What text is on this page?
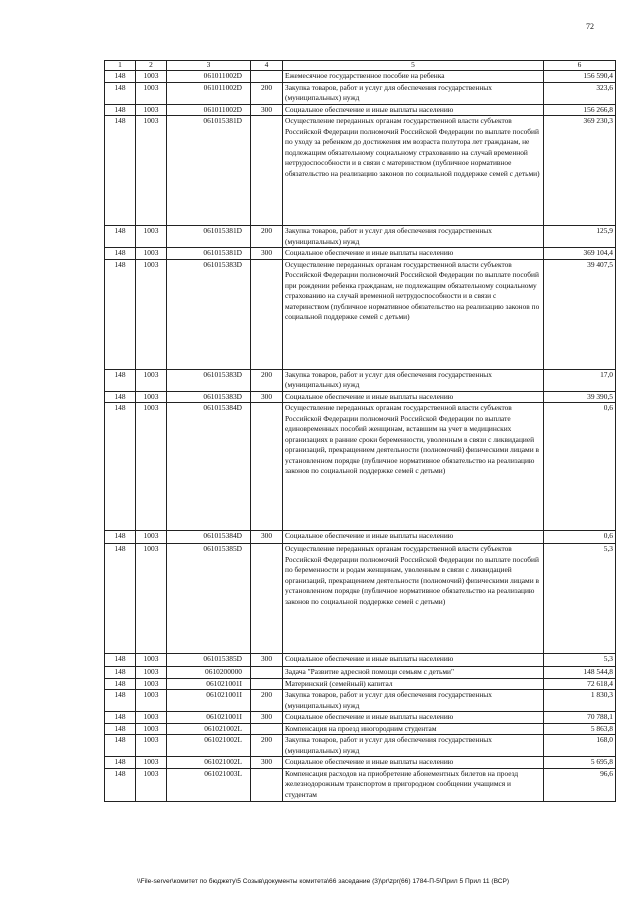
72
1	2	3	4	5	6
148	1003	061011002D		Ежемесячное государственное пособие на ребенка	156 590,4
148	1003	061011002D	200	Закупка товаров, работ и услуг для обеспечения государственных (муниципальных) нужд	323,6
148	1003	061011002D	300	Социальное обеспечение и иные выплаты населению	156 266,8
148	1003	061015381D		Осуществление переданных органам государственной власти субъектов Российской Федерации полномочий Российской Федерации по выплате пособий по уходу за ребенком до достижения им возраста полутора лет гражданам, не подлежащим обязательному социальному страхованию на случай временной нетрудоспособности и в связи с материнством (публичное нормативное обязательство на реализацию законов по социальной поддержке семей с детьми)	369 230,3
148	1003	061015381D	200	Закупка товаров, работ и услуг для обеспечения государственных (муниципальных) нужд	125,9
148	1003	061015381D	300	Социальное обеспечение и иные выплаты населению	369 104,4
148	1003	061015383D		Осуществление переданных органам государственной власти субъектов Российской Федерации полномочий Российской Федерации по выплате пособий при рождении ребенка гражданам, не подлежащим обязательному социальному страхованию на случай временной нетрудоспособности и в связи с материнством (публичное нормативное обязательство на реализацию законов по социальной поддержке семей с детьми)	39 407,5
148	1003	061015383D	200	Закупка товаров, работ и услуг для обеспечения государственных (муниципальных) нужд	17,0
148	1003	061015383D	300	Социальное обеспечение и иные выплаты населению	39 390,5
148	1003	061015384D		Осуществление переданных органам государственной власти субъектов Российской Федерации полномочий Российской Федерации по выплате единовременных пособий женщинам, вставшим на учет в медицинских организациях в ранние сроки беременности, уволенным в связи с ликвидацией организаций, прекращением деятельности (полномочий) физическими лицами в установленном порядке (публичное нормативное обязательство на реализацию законов по социальной поддержке семей с детьми)	0,6
148	1003	061015384D	300	Социальное обеспечение и иные выплаты населению	0,6
148	1003	061015385D		Осуществление переданных органам государственной власти субъектов Российской Федерации полномочий Российской Федерации по выплате пособий по беременности и родам женщинам, уволенным в связи с ликвидацией организаций, прекращением деятельности (полномочий) физическими лицами в установленном порядке (публичное нормативное обязательство на реализацию законов по социальной поддержке семей с детьми)	5,3
148	1003	061015385D	300	Социальное обеспечение и иные выплаты населению	5,3
148	1003	0610200000		Задача "Развитие адресной помощи семьям с детьми"	148 544,8
148	1003	061021001I		Материнский (семейный) капитал	72 618,4
148	1003	061021001I	200	Закупка товаров, работ и услуг для обеспечения государственных (муниципальных) нужд	1 830,3
148	1003	061021001I	300	Социальное обеспечение и иные выплаты населению	70 788,1
148	1003	061021002L		Компенсация на проезд иногородним студентам	5 863,8
148	1003	061021002L	200	Закупка товаров, работ и услуг для обеспечения государственных (муниципальных) нужд	168,0
148	1003	061021002L	300	Социальное обеспечение и иные выплаты населению	5 695,8
148	1003	061021003L		Компенсация расходов на приобретение абонементных билетов на проезд железнодорожным транспортом в пригородном сообщении учащимся и студентам	96,6
\\File-server\комитет по бюджету\5 Созыв\документы комитета\66 заседание (3)\pr\zpr(66) 1784-П-5\Прил 5 Прил 11 (ВСР)
